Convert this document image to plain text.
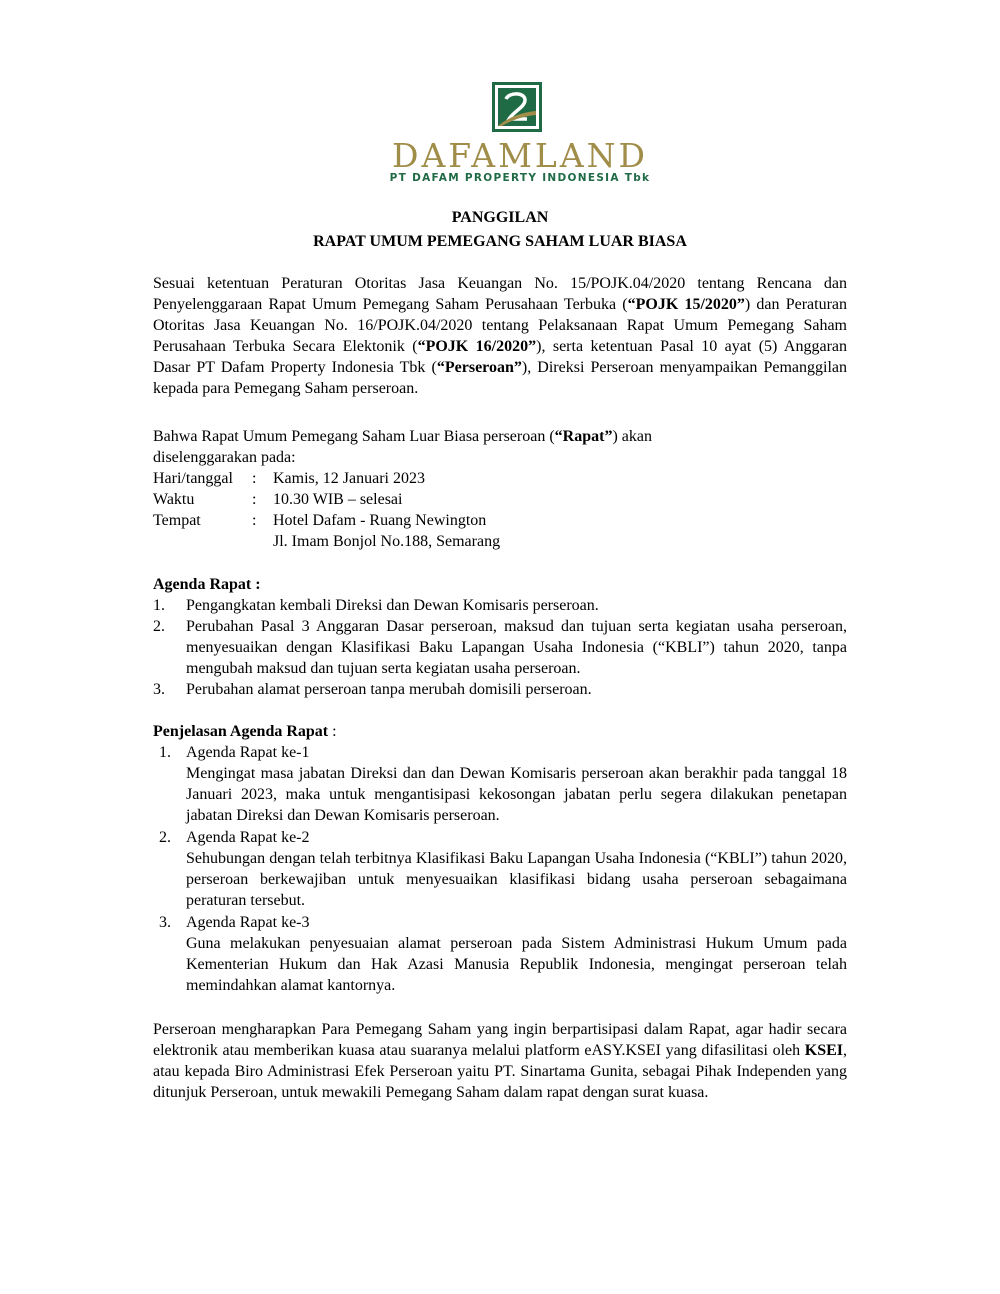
DAFAMLAND
PT DAFAM PROPERTY INDONESIA Tbk
PANGGILAN
RAPAT UMUM PEMEGANG SAHAM LUAR BIASA
Sesuai ketentuan Peraturan Otoritas Jasa Keuangan No. 15/POJK.04/2020 tentang Rencana dan Penyelenggaraan Rapat Umum Pemegang Saham Perusahaan Terbuka (“POJK 15/2020”) dan Peraturan Otoritas Jasa Keuangan No. 16/POJK.04/2020 tentang Pelaksanaan Rapat Umum Pemegang Saham Perusahaan Terbuka Secara Elektonik (“POJK 16/2020”), serta ketentuan Pasal 10 ayat (5) Anggaran Dasar PT Dafam Property Indonesia Tbk (“Perseroan”), Direksi Perseroan menyampaikan Pemanggilan kepada para Pemegang Saham perseroan.
Bahwa Rapat Umum Pemegang Saham Luar Biasa perseroan (“Rapat”) akan
diselenggarakan pada:
Hari/tanggal : Kamis, 12 Januari 2023
Waktu	: 10.30 WIB – selesai
Tempat	: Hotel Dafam - Ruang Newington
Jl. Imam Bonjol No.188, Semarang
Agenda Rapat :
1. Pengangkatan kembali Direksi dan Dewan Komisaris perseroan.
2. Perubahan Pasal 3 Anggaran Dasar perseroan, maksud dan tujuan serta kegiatan usaha perseroan, menyesuaikan dengan Klasifikasi Baku Lapangan Usaha Indonesia (“KBLI”) tahun 2020, tanpa mengubah maksud dan tujuan serta kegiatan usaha perseroan.
3. Perubahan alamat perseroan tanpa merubah domisili perseroan.
Penjelasan Agenda Rapat :
1. Agenda Rapat ke-1
Mengingat masa jabatan Direksi dan dan Dewan Komisaris perseroan akan berakhir pada tanggal 18 Januari 2023, maka untuk mengantisipasi kekosongan jabatan perlu segera dilakukan penetapan jabatan Direksi dan Dewan Komisaris perseroan.
2. Agenda Rapat ke-2
Sehubungan dengan telah terbitnya Klasifikasi Baku Lapangan Usaha Indonesia (“KBLI”) tahun 2020, perseroan berkewajiban untuk menyesuaikan klasifikasi bidang usaha perseroan sebagaimana peraturan tersebut.
3. Agenda Rapat ke-3
Guna melakukan penyesuaian alamat perseroan pada Sistem Administrasi Hukum Umum pada Kementerian Hukum dan Hak Azasi Manusia Republik Indonesia, mengingat perseroan telah memindahkan alamat kantornya.
Perseroan mengharapkan Para Pemegang Saham yang ingin berpartisipasi dalam Rapat, agar hadir secara elektronik atau memberikan kuasa atau suaranya melalui platform eASY.KSEI yang difasilitasi oleh KSEI, atau kepada Biro Administrasi Efek Perseroan yaitu PT. Sinartama Gunita, sebagai Pihak Independen yang ditunjuk Perseroan, untuk mewakili Pemegang Saham dalam rapat dengan surat kuasa.
